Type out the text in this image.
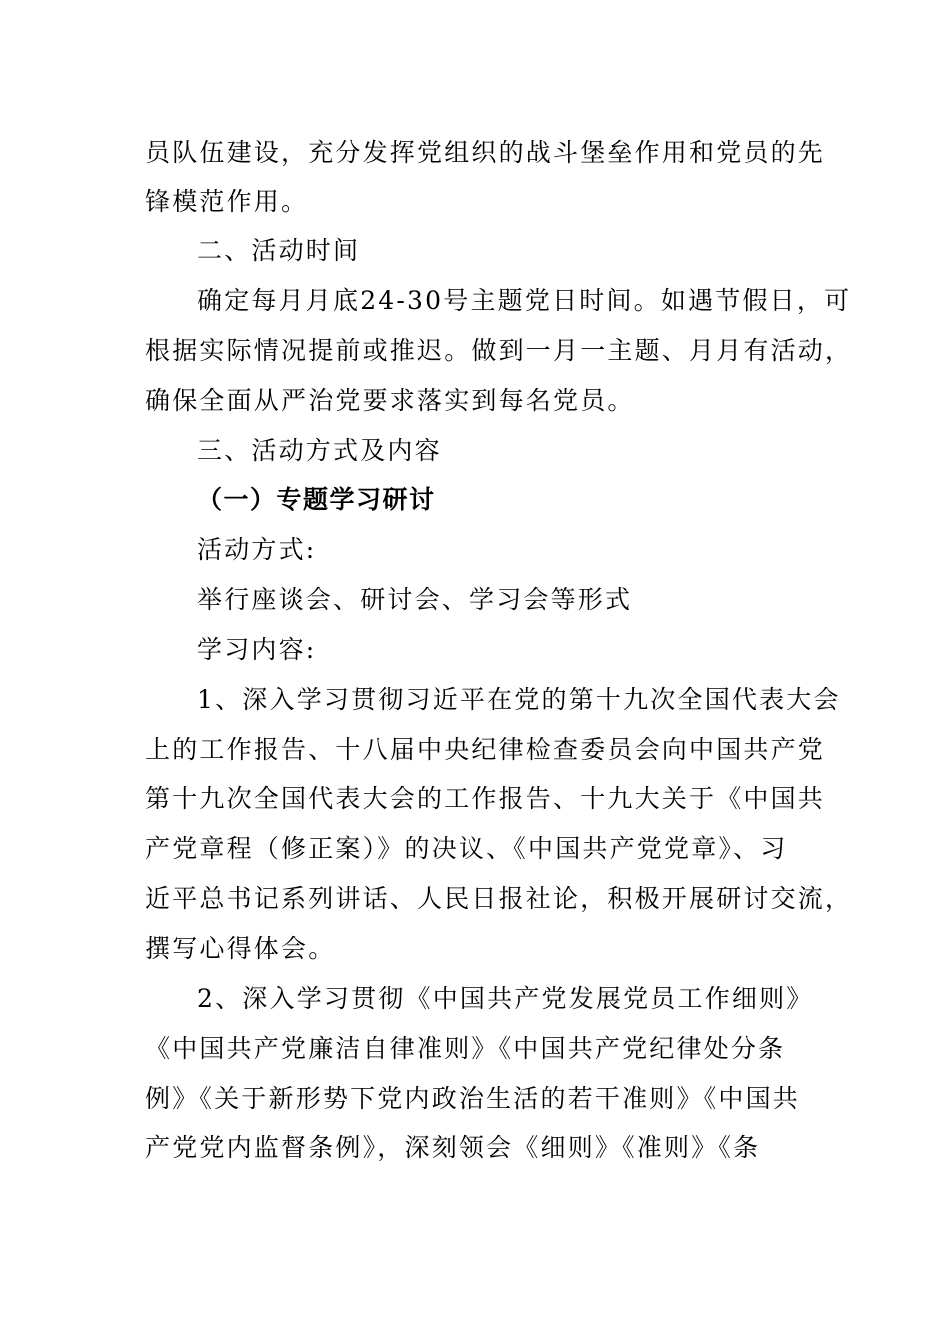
员队伍建设，充分发挥党组织的战斗堡垒作用和党员的先
锋模范作用。
二、活动时间
确定每月月底24-30号主题党日时间。如遇节假日，可
根据实际情况提前或推迟。做到一月一主题、月月有活动，
确保全面从严治党要求落实到每名党员。
三、活动方式及内容
（一）专题学习研讨
活动方式:
举行座谈会、研讨会、学习会等形式
学习内容:
1、深入学习贯彻习近平在党的第十九次全国代表大会
上的工作报告、十八届中央纪律检查委员会向中国共产党
第十九次全国代表大会的工作报告、十九大关于《中国共
产党章程（修正案）》的决议、《中国共产党党章》、习
近平总书记系列讲话、人民日报社论，积极开展研讨交流，
撰写心得体会。
2、深入学习贯彻《中国共产党发展党员工作细则》
《中国共产党廉洁自律准则》《中国共产党纪律处分条
例》《关于新形势下党内政治生活的若干准则》《中国共
产党党内监督条例》，深刻领会《细则》《准则》《条
